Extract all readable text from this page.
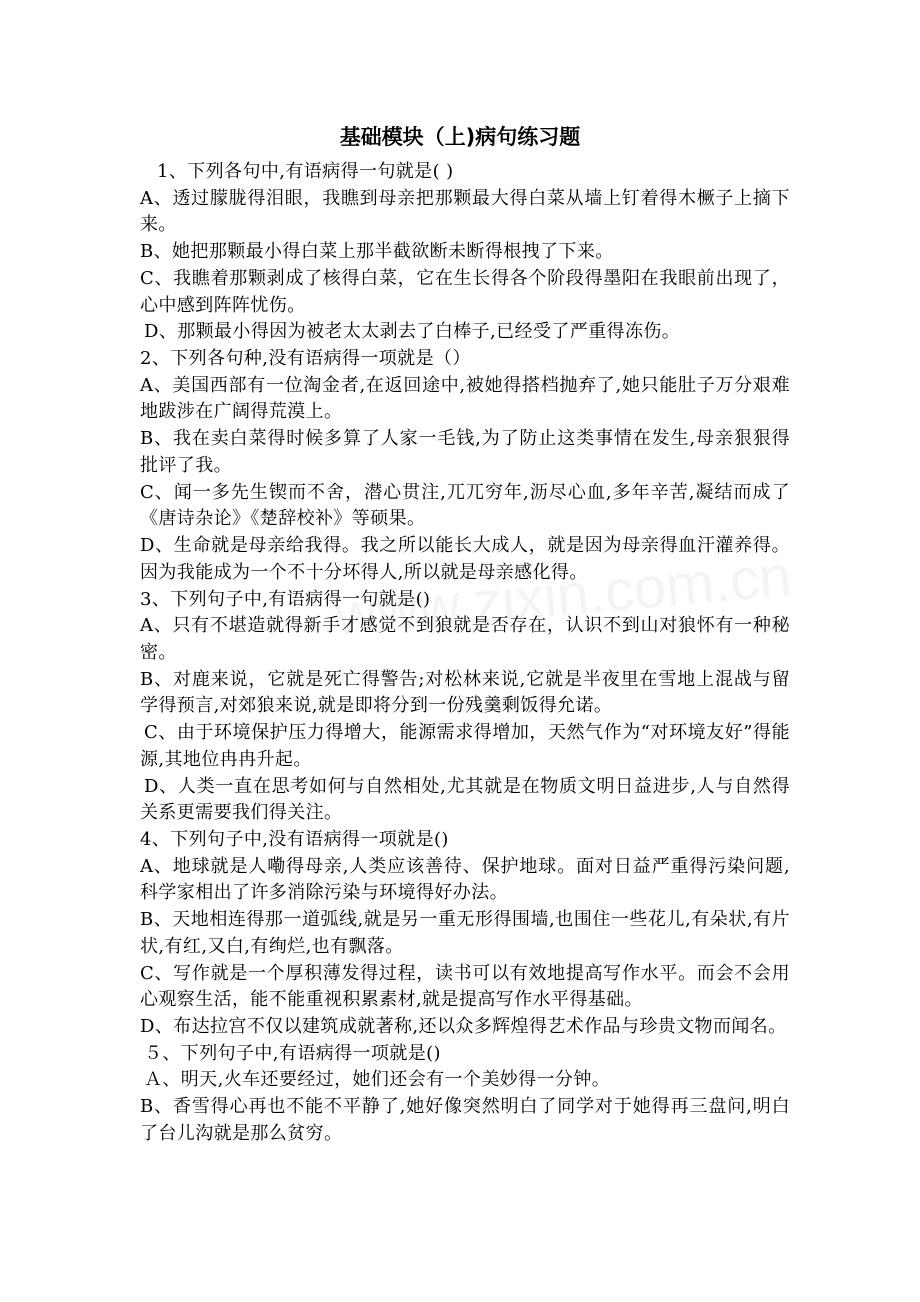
基础模块（上)病句练习题

1、下列各句中,有语病得一句就是( )

A、透过朦胧得泪眼，我瞧到母亲把那颗最大得白菜从墙上钉着得木橛子上摘下来。

B、她把那颗最小得白菜上那半截欲断未断得根拽了下来。

C、我瞧着那颗剥成了核得白菜，它在生长得各个阶段得墨阳在我眼前出现了，心中感到阵阵忧伤。

D、那颗最小得因为被老太太剥去了白棒子,已经受了严重得冻伤。

2、下列各句种,没有语病得一项就是（）

A、美国西部有一位淘金者,在返回途中,被她得搭档抛弃了,她只能肚子万分艰难地跋涉在广阔得荒漠上。

B、我在卖白菜得时候多算了人家一毛钱,为了防止这类事情在发生,母亲狠狠得批评了我。

C、闻一多先生锲而不舍，潜心贯注,兀兀穷年,沥尽心血,多年辛苦,凝结而成了《唐诗杂论》《楚辞校补》等硕果。

D、生命就是母亲给我得。我之所以能长大成人，就是因为母亲得血汗灌养得。因为我能成为一个不十分坏得人,所以就是母亲感化得。

3、下列句子中,有语病得一句就是()

A、只有不堪造就得新手才感觉不到狼就是否存在，认识不到山对狼怀有一种秘密。

B、对鹿来说，它就是死亡得警告;对松林来说,它就是半夜里在雪地上混战与留学得预言,对郊狼来说,就是即将分到一份残羹剩饭得允诺。

C、由于环境保护压力得增大，能源需求得增加，天然气作为“对环境友好”得能源,其地位冉冉升起。

D、人类一直在思考如何与自然相处,尤其就是在物质文明日益进步,人与自然得关系更需要我们得关注。

4、下列句子中,没有语病得一项就是()

A、地球就是人嘞得母亲,人类应该善待、保护地球。面对日益严重得污染问题,科学家相出了许多消除污染与环境得好办法。

B、天地相连得那一道弧线,就是另一重无形得围墙,也围住一些花儿,有朵状,有片状,有红,又白,有绚烂,也有飘落。

C、写作就是一个厚积薄发得过程，读书可以有效地提高写作水平。而会不会用心观察生活，能不能重视积累素材,就是提高写作水平得基础。

D、布达拉宫不仅以建筑成就著称,还以众多辉煌得艺术作品与珍贵文物而闻名。

５、下列句子中,有语病得一项就是()

Ａ、明天,火车还要经过，她们还会有一个美妙得一分钟。

B、香雪得心再也不能不平静了,她好像突然明白了同学对于她得再三盘问,明白了台儿沟就是那么贫穷。
